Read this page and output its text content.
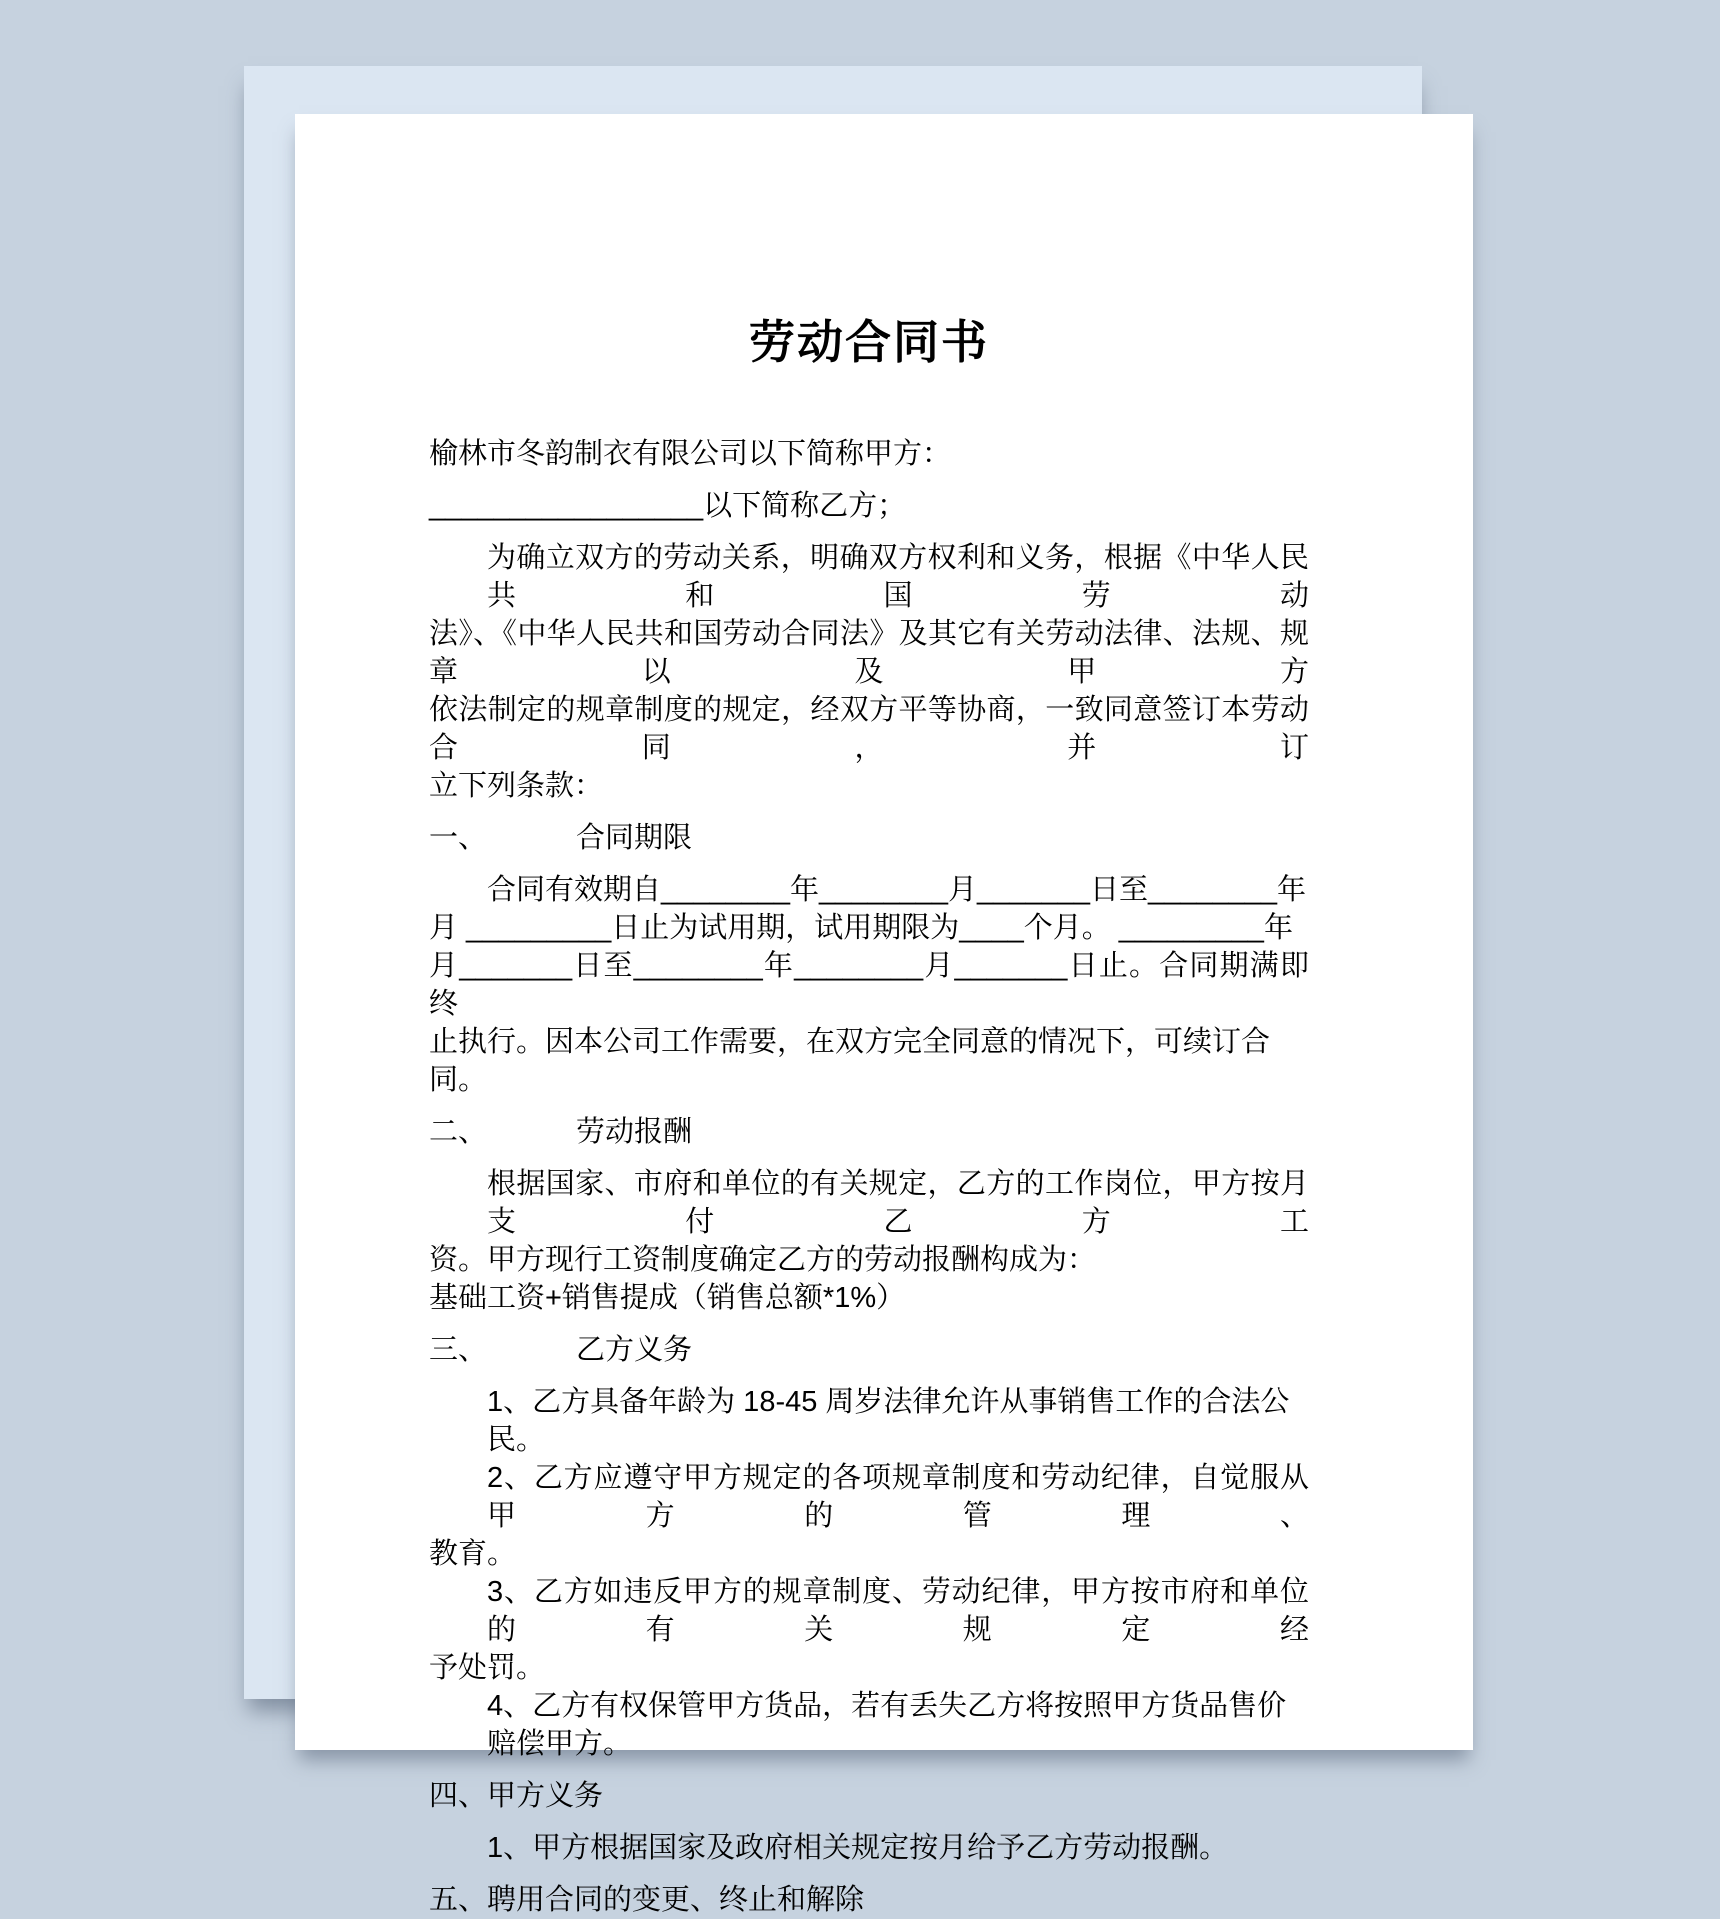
劳动合同书
榆林市冬韵制衣有限公司以下简称甲方：
_________________以下简称乙方；
为确立双方的劳动关系，明确双方权利和义务，根据《中华人民共和国劳动
法》、《中华人民共和国劳动合同法》及其它有关劳动法律、法规、规章以及甲方
依法制定的规章制度的规定，经双方平等协商，一致同意签订本劳动合同，并订
立下列条款：
一、	合同期限
合同有效期自________年________月_______日至________年
月 _________日止为试用期，试用期限为____个月。 _________年
月_______日至________年________月_______日止。合同期满即终
止执行。因本公司工作需要，在双方完全同意的情况下，可续订合同。
二、	劳动报酬
根据国家、市府和单位的有关规定，乙方的工作岗位，甲方按月支付乙方工
资。甲方现行工资制度确定乙方的劳动报酬构成为：
基础工资+销售提成（销售总额*1%）
三、	乙方义务
1、乙方具备年龄为 18-45 周岁法律允许从事销售工作的合法公民。
2、乙方应遵守甲方规定的各项规章制度和劳动纪律，自觉服从甲方的管理、
教育。
3、乙方如违反甲方的规章制度、劳动纪律，甲方按市府和单位的有关规定经
予处罚。
4、乙方有权保管甲方货品，若有丢失乙方将按照甲方货品售价赔偿甲方。
四、甲方义务
1、甲方根据国家及政府相关规定按月给予乙方劳动报酬。
五、聘用合同的变更、终止和解除
